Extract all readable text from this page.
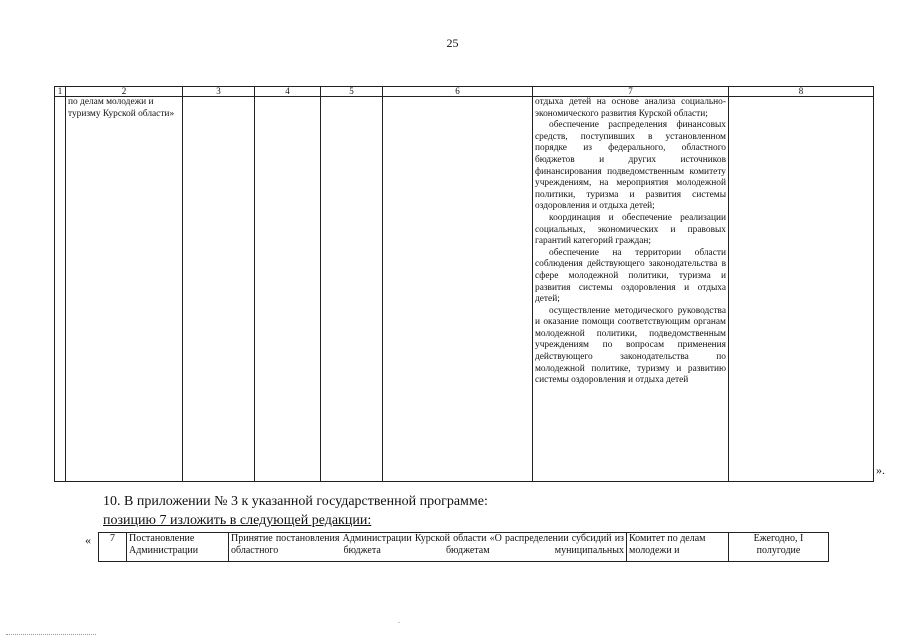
25
1	2	3	4	5	6	7	8

	по делам молодежи и туризму Курской области»					отдыха детей на основе анализа социально-экономического развития Курской области;

обеспечение распределения финансовых средств, поступивших в установленном порядке из федерального, областного бюджетов и других источников финансирования подведомственным комитету учреждениям, на мероприятия молодежной политики, туризма и развития системы оздоровления и отдыха детей;

координация и обеспечение реализации социальных, экономических и правовых гарантий категорий граждан;

обеспечение на территории области соблюдения действующего законодательства в сфере молодежной политики, туризма и развития системы оздоровления и отдыха детей;

осуществление методического руководства и оказание помощи соответствующим органам молодежной политики, подведомственным учреждениям по вопросам применения действующего законодательства по молодежной политике, туризму и развитию системы оздоровления и отдыха детей	

».
10. В приложении № 3 к указанной государственной программе:
позицию 7 изложить в следующей редакции:
« 7	Постановление Администрации	Принятие постановления Администрации Курской области «О распределении субсидий из областного бюджета бюджетам муниципальных	Комитет по делам молодежи и	Ежегодно, I полугодие
.
